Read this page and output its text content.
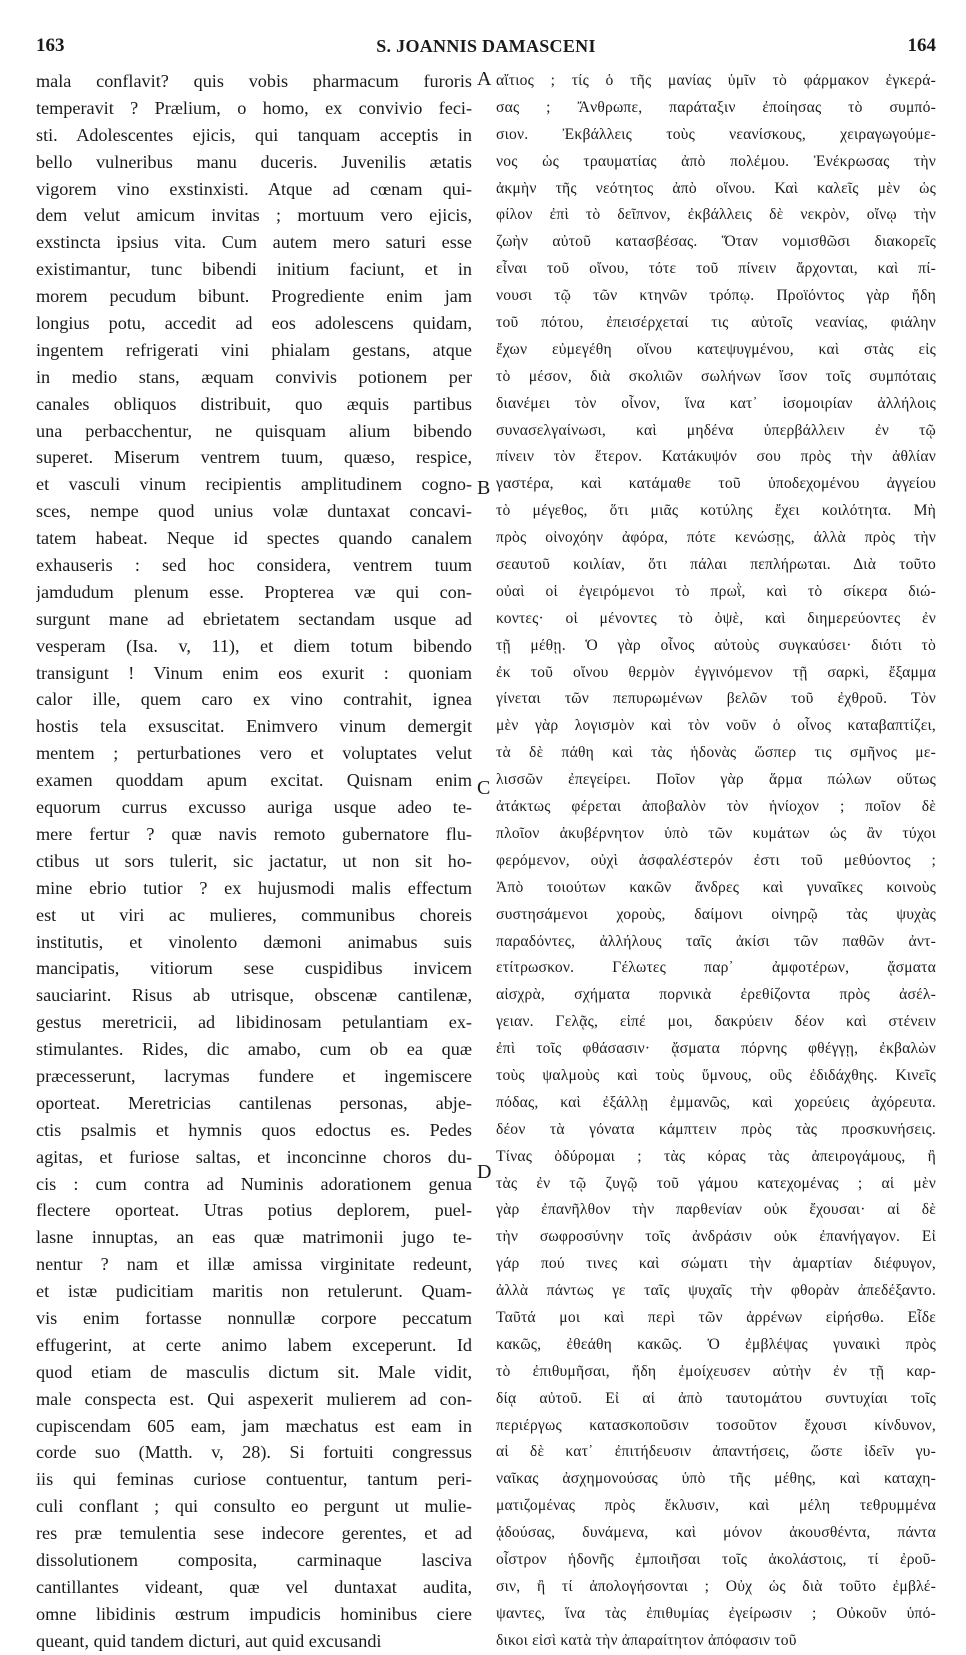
163	S. JOANNIS DAMASCENI	164
mala conflavit? quis vobis pharmacum furoris
temperavit ? Prælium, o homo, ex convivio feci-
sti. Adolescentes ejicis, qui tanquam acceptis in
bello vulneribus manu duceris. Juvenilis ætatis
vigorem vino exstinxisti. Atque ad cœnam qui-
dem velut amicum invitas ; mortuum vero ejicis,
exstincta ipsius vita. Cum autem mero saturi esse
existimantur, tunc bibendi initium faciunt, et in
morem pecudum bibunt. Progrediente enim jam
longius potu, accedit ad eos adolescens quidam,
ingentem refrigerati vini phialam gestans, atque
in medio stans, æquam convivis potionem per
canales obliquos distribuit, quo æquis partibus
una perbacchentur, ne quisquam alium bibendo
superet. Miserum ventrem tuum, quæso, respice,
et vasculi vinum recipientis amplitudinem cogno-
sces, nempe quod unius volæ duntaxat concavi-
tatem habeat. Neque id spectes quando canalem
exhauseris : sed hoc considera, ventrem tuum
jamdudum plenum esse. Propterea væ qui con-
surgunt mane ad ebrietatem sectandam usque ad
vesperam (Isa. v, 11), et diem totum bibendo
transigunt ! Vinum enim eos exurit : quoniam
calor ille, quem caro ex vino contrahit, ignea
hostis tela exsuscitat. Enimvero vinum demergit
mentem ; perturbationes vero et voluptates velut
examen quoddam apum excitat. Quisnam enim
equorum currus excusso auriga usque adeo te-
mere fertur ? quæ navis remoto gubernatore flu-
ctibus ut sors tulerit, sic jactatur, ut non sit ho-
mine ebrio tutior ? ex hujusmodi malis effectum
est ut viri ac mulieres, communibus choreis
institutis, et vinolento dæmoni animabus suis
mancipatis, vitiorum sese cuspidibus invicem
sauciarint. Risus ab utrisque, obscenæ cantilenæ,
gestus meretricii, ad libidinosam petulantiam ex-
stimulantes. Rides, dic amabo, cum ob ea quæ
præcesserunt, lacrymas fundere et ingemiscere
oporteat. Meretricias cantilenas personas, abje-
ctis psalmis et hymnis quos edoctus es. Pedes
agitas, et furiose saltas, et inconcinne choros du-
cis : cum contra ad Numinis adorationem genua
flectere oporteat. Utras potius deplorem, puel-
lasne innuptas, an eas quæ matrimonii jugo te-
nentur ? nam et illæ amissa virginitate redeunt,
et istæ pudicitiam maritis non retulerunt. Quam-
vis enim fortasse nonnullæ corpore peccatum
effugerint, at certe animo labem exceperunt. Id
quod etiam de masculis dictum sit. Male vidit,
male conspecta est. Qui aspexerit mulierem ad con-
cupiscendam 605 eam, jam mæchatus est eam in
corde suo (Matth. v, 28). Si fortuiti congressus
iis qui feminas curiose contuentur, tantum peri-
culi conflant ; qui consulto eo pergunt ut mulie-
res præ temulentia sese indecore gerentes, et ad
dissolutionem composita, carminaque lasciva
cantillantes videant, quæ vel duntaxat audita,
omne libidinis œstrum impudicis hominibus ciere
queant, quid tandem dicturi, aut quid excusandi
αἴτιος ; τίς ὁ τῆς μανίας ὑμῖν τὸ φάρμακον ἐγκερά-
σας ; Ἄνθρωπε, παράταξιν ἐποίησας τὸ συμπό-
σιον. Ἐκβάλλεις τοὺς νεανίσκους, χειραγωγούμε-
νος ὡς τραυματίας ἀπὸ πολέμου. Ἐνέκρωσας τὴν
ἀκμὴν τῆς νεότητος ἀπὸ οἴνου. Καὶ καλεῖς μὲν ὡς
φίλον ἐπὶ τὸ δεῖπνον, ἐκβάλλεις δὲ νεκρὸν, οἴνῳ τὴν
ζωὴν αὐτοῦ κατασβέσας. Ὅταν νομισθῶσι διακορεῖς
εἶναι τοῦ οἴνου, τότε τοῦ πίνειν ἄρχονται, καὶ πί-
νουσι τῷ τῶν κτηνῶν τρόπῳ. Προϊόντος γὰρ ἤδη
τοῦ πότου, ἐπεισέρχεταί τις αὐτοῖς νεανίας, φιάλην
ἔχων εὐμεγέθη οἴνου κατεψυγμένου, καὶ στὰς εἰς
τὸ μέσον, διὰ σκολιῶν σωλήνων ἴσον τοῖς συμπόταις
διανέμει τὸν οἶνον, ἵνα κατ᾽ ἰσομοιρίαν ἀλλήλοις
συνασελγαίνωσι, καὶ μηδένα ὑπερβάλλειν ἐν τῷ
πίνειν τὸν ἕτερον. Κατάκυψόν σου πρὸς τὴν ἀθλίαν
γαστέρα, καὶ κατάμαθε τοῦ ὑποδεχομένου ἀγγείου
τὸ μέγεθος, ὅτι μιᾶς κοτύλης ἔχει κοιλότητα. Μὴ
πρὸς οἰνοχόην ἀφόρα, πότε κενώσῃς, ἀλλὰ πρὸς τὴν
σεαυτοῦ κοιλίαν, ὅτι πάλαι πεπλήρωται. Διὰ τοῦτο
οὐαὶ οἱ ἐγειρόμενοι τὸ πρωῒ, καὶ τὸ σίκερα διώ-
κοντες· οἱ μένοντες τὸ ὀψὲ, καὶ διημερεύοντες ἐν
τῇ μέθῃ. Ὁ γὰρ οἶνος αὐτοὺς συγκαύσει· διότι τὸ
ἐκ τοῦ οἴνου θερμὸν ἐγγινόμενον τῇ σαρκὶ, ἔξαμμα
γίνεται τῶν πεπυρωμένων βελῶν τοῦ ἐχθροῦ. Τὸν
μὲν γὰρ λογισμὸν καὶ τὸν νοῦν ὁ οἶνος καταβαπτίζει,
τὰ δὲ πάθη καὶ τὰς ἡδονὰς ὥσπερ τις σμῆνος με-
λισσῶν ἐπεγείρει. Ποῖον γὰρ ἅρμα πώλων οὕτως
ἀτάκτως φέρεται ἀποβαλὸν τὸν ἡνίοχον ; ποῖον δὲ
πλοῖον ἀκυβέρνητον ὑπὸ τῶν κυμάτων ὡς ἂν τύχοι
φερόμενον, οὐχὶ ἀσφαλέστερόν ἐστι τοῦ μεθύοντος ;
Ἀπὸ τοιούτων κακῶν ἄνδρες καὶ γυναῖκες κοινοὺς
συστησάμενοι χοροὺς, δαίμονι οἰνηρῷ τὰς ψυχὰς
παραδόντες, ἀλλήλους ταῖς ἀκίσι τῶν παθῶν ἀντ-
ετίτρωσκον. Γέλωτες παρ᾽ ἀμφοτέρων, ᾄσματα
αἰσχρὰ, σχήματα πορνικὰ ἐρεθίζοντα πρὸς ἀσέλ-
γειαν. Γελᾷς, εἰπέ μοι, δακρύειν δέον καὶ στένειν
ἐπὶ τοῖς φθάσασιν· ᾄσματα πόρνης φθέγγῃ, ἐκβαλὼν
τοὺς ψαλμοὺς καὶ τοὺς ὕμνους, οὓς ἐδιδάχθης. Κινεῖς
πόδας, καὶ ἐξάλλῃ ἐμμανῶς, καὶ χορεύεις ἀχόρευτα.
δέον τὰ γόνατα κάμπτειν πρὸς τὰς προσκυνήσεις.
Τίνας ὀδύρομαι ; τὰς κόρας τὰς ἀπειρογάμους, ἢ
τὰς ἐν τῷ ζυγῷ τοῦ γάμου κατεχομένας ; αἱ μὲν
γὰρ ἐπανῆλθον τὴν παρθενίαν οὐκ ἔχουσαι· αἱ δὲ
τὴν σωφροσύνην τοῖς ἀνδράσιν οὐκ ἐπανήγαγον. Εἰ
γάρ πού τινες καὶ σώματι τὴν ἁμαρτίαν διέφυγον,
ἀλλὰ πάντως γε ταῖς ψυχαῖς τὴν φθορὰν ἀπεδέξαντο.
Ταῦτά μοι καὶ περὶ τῶν ἀρρένων εἰρήσθω. Εἶδε
κακῶς, ἐθεάθη κακῶς. Ὁ ἐμβλέψας γυναικὶ πρὸς
τὸ ἐπιθυμῆσαι, ἤδη ἐμοίχευσεν αὐτὴν ἐν τῇ καρ-
δίᾳ αὐτοῦ. Εἰ αἱ ἀπὸ ταυτομάτου συντυχίαι τοῖς
περιέργως κατασκοποῦσιν τοσοῦτον ἔχουσι κίνδυνον,
αἱ δὲ κατ᾽ ἐπιτήδευσιν ἀπαντήσεις, ὥστε ἰδεῖν γυ-
ναῖκας ἀσχημονούσας ὑπὸ τῆς μέθης, καὶ καταχη-
ματιζομένας πρὸς ἔκλυσιν, καὶ μέλη τεθρυμμένα
ᾀδούσας, δυνάμενα, καὶ μόνον ἀκουσθέντα, πάντα
οἶστρον ἡδονῆς ἐμποιῆσαι τοῖς ἀκολάστοις, τί ἐροῦ-
σιν, ἢ τί ἀπολογήσονται ; Οὐχ ὡς διὰ τοῦτο ἐμβλέ-
ψαντες, ἵνα τὰς ἐπιθυμίας ἐγείρωσιν ; Οὐκοῦν ὑπό-
δικοι εἰσὶ κατὰ τὴν ἀπαραίτητον ἀπόφασιν τοῦ
A
B
C
D
